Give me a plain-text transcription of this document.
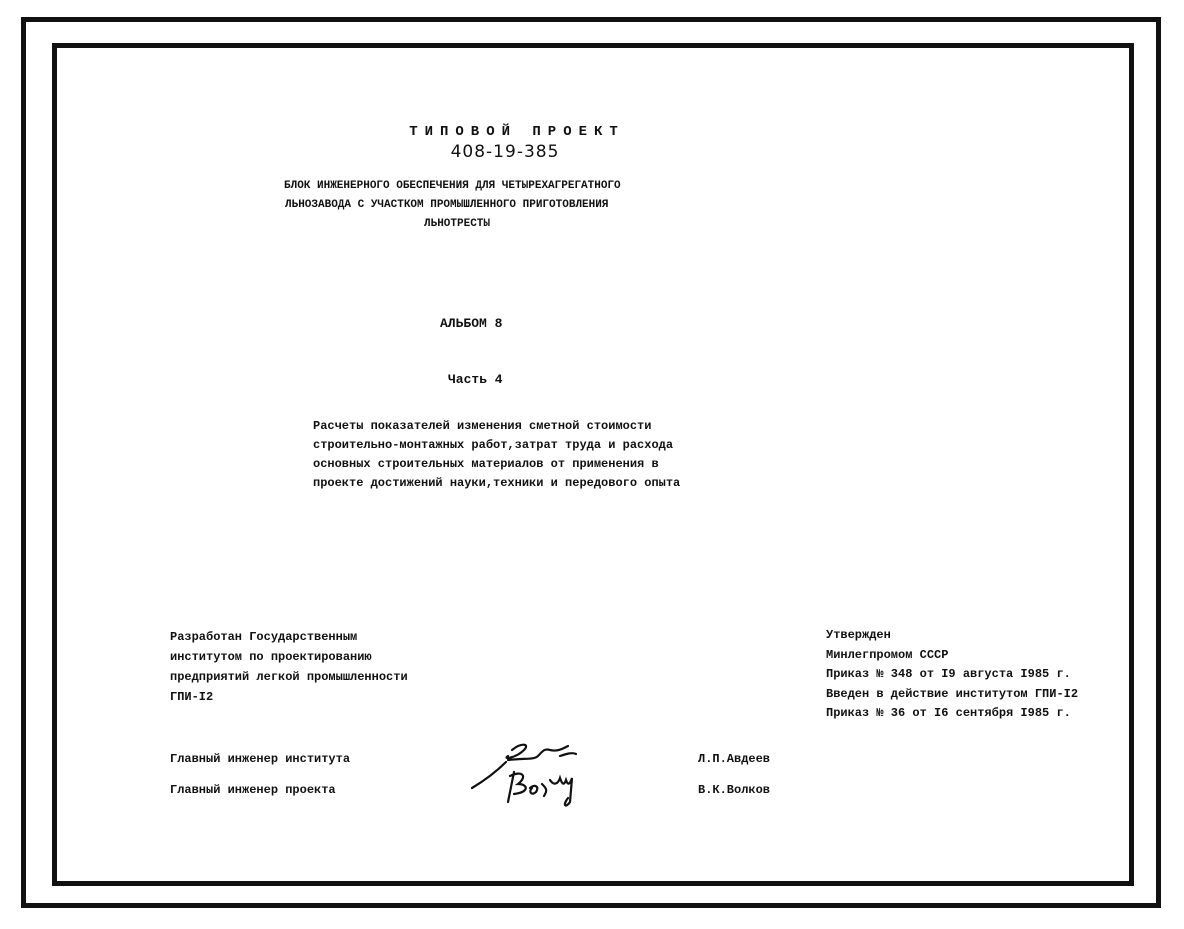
ТИПОВОЙ ПРОЕКТ
408-19-385
БЛОК ИНЖЕНЕРНОГО ОБЕСПЕЧЕНИЯ ДЛЯ ЧЕТЫРЕХАГРЕГАТНОГО
ЛЬНОЗАВОДА С УЧАСТКОМ ПРОМЫШЛЕННОГО ПРИГОТОВЛЕНИЯ
ЛЬНОТРЕСТЫ
АЛЬБОМ 8
Часть 4
Расчеты показателей изменения сметной стоимости
строительно-монтажных работ,затрат труда и расхода
основных строительных материалов от применения в
проекте достижений науки,техники и передового опыта
Разработан Государственным
институтом по проектированию
предприятий легкой промышленности
ГПИ-I2
Утвержден
Минлегпромом СССР
Приказ № 348 от I9 августа I985 г.
Введен в действие институтом ГПИ-I2
Приказ № 36 от I6 сентября I985 г.
Главный инженер института	Л.П.Авдеев
Главный инженер проекта	В.К.Волков
